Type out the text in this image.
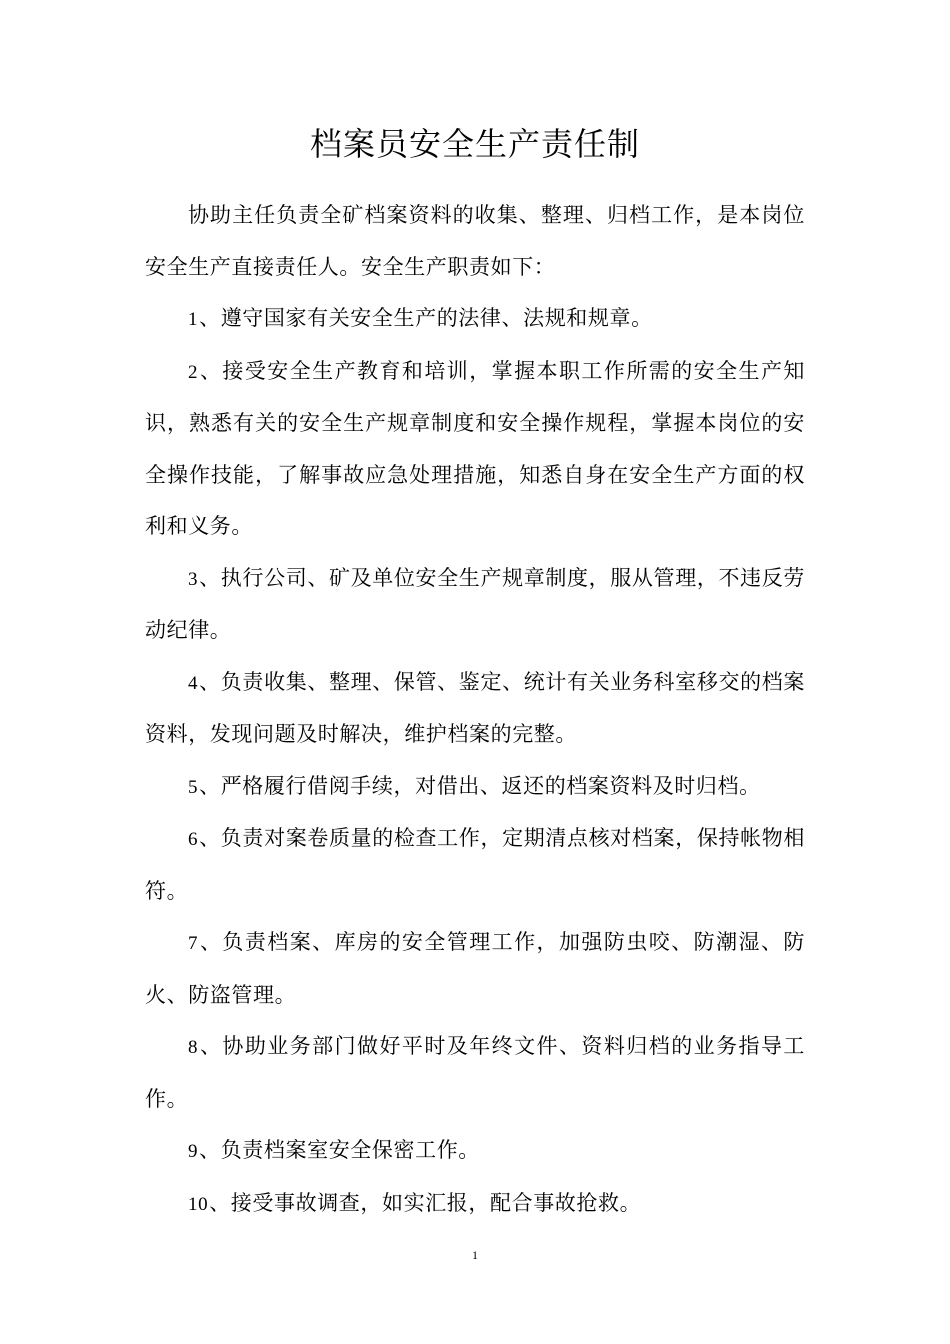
档案员安全生产责任制

协助主任负责全矿档案资料的收集、整理、归档工作，是本岗位安全生产直接责任人。安全生产职责如下：

1、遵守国家有关安全生产的法律、法规和规章。

2、接受安全生产教育和培训，掌握本职工作所需的安全生产知识，熟悉有关的安全生产规章制度和安全操作规程，掌握本岗位的安全操作技能，了解事故应急处理措施，知悉自身在安全生产方面的权利和义务。

3、执行公司、矿及单位安全生产规章制度，服从管理，不违反劳动纪律。

4、负责收集、整理、保管、鉴定、统计有关业务科室移交的档案资料，发现问题及时解决，维护档案的完整。

5、严格履行借阅手续，对借出、返还的档案资料及时归档。

6、负责对案卷质量的检查工作，定期清点核对档案，保持帐物相符。

7、负责档案、库房的安全管理工作，加强防虫咬、防潮湿、防火、防盗管理。

8、协助业务部门做好平时及年终文件、资料归档的业务指导工作。

9、负责档案室安全保密工作。

10、接受事故调查，如实汇报，配合事故抢救。

1
